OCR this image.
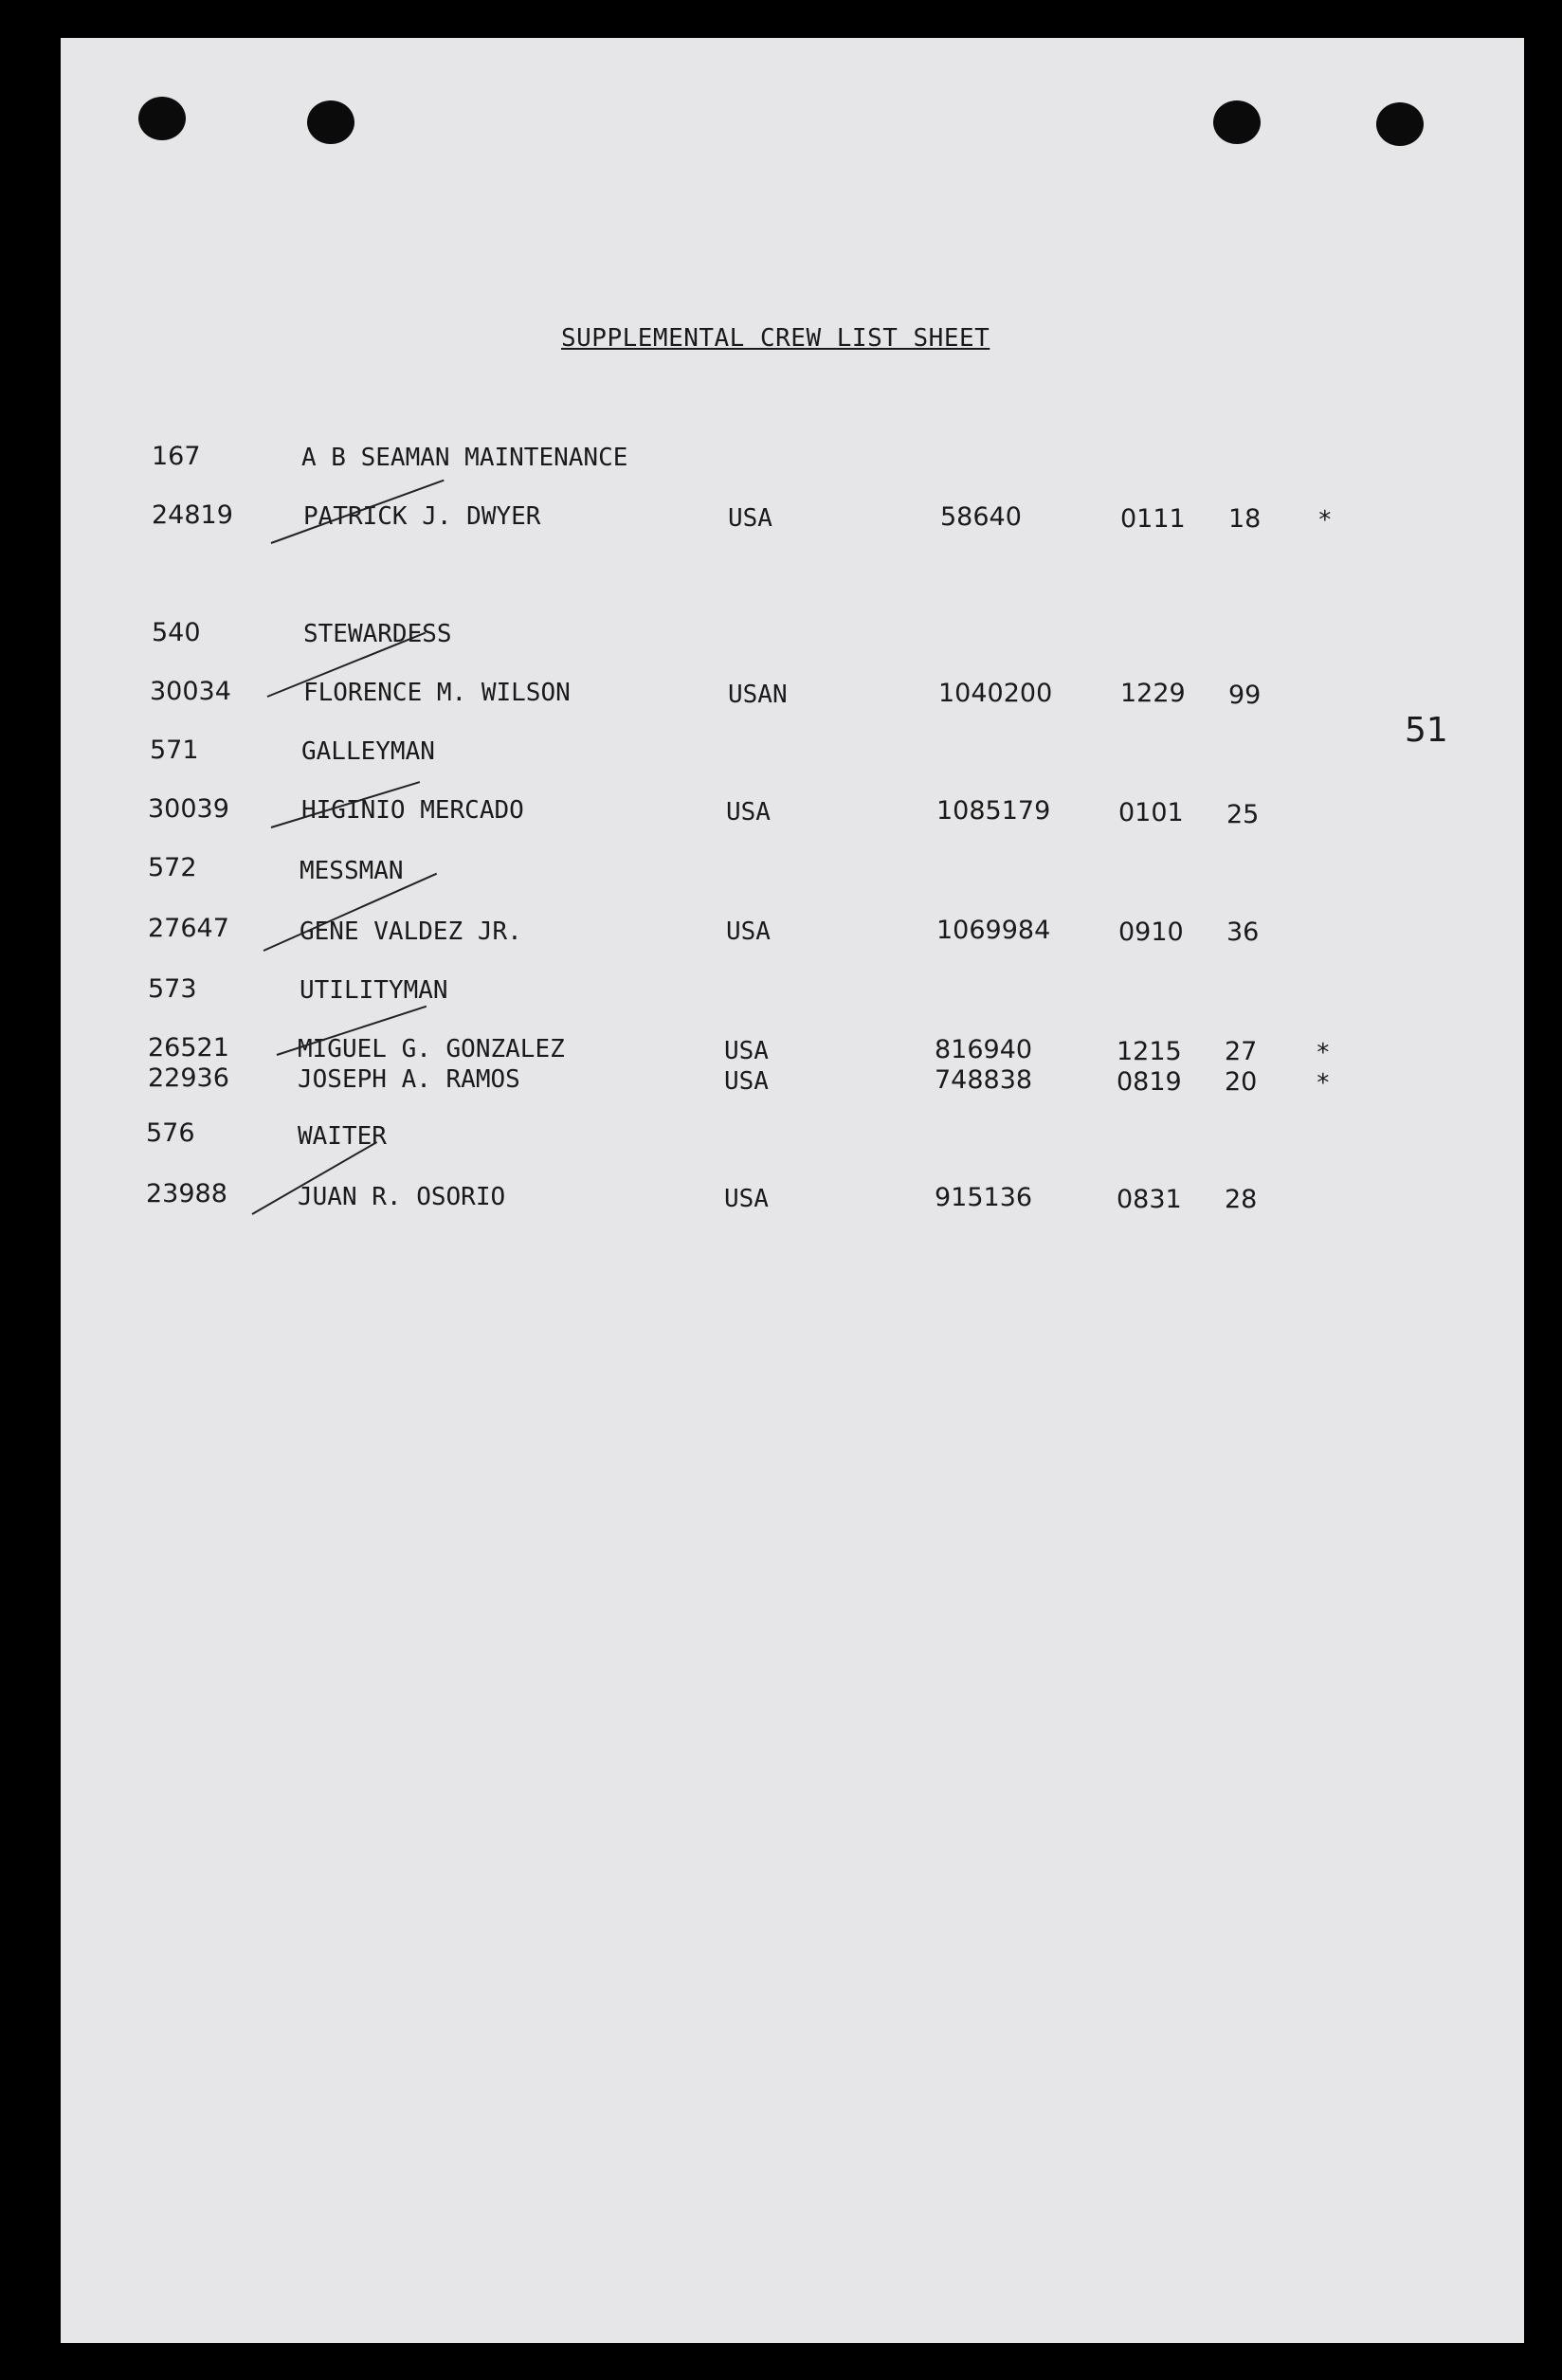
SUPPLEMENTAL CREW LIST SHEET
51
167	A B SEAMAN MAINTENANCE
24819	PATRICK J. DWYER	USA	58640	0111 18 *
540	STEWARDESS
30034	FLORENCE M. WILSON	USAN	1040200	1229 99
571	GALLEYMAN
30039	HIGINIO MERCADO	USA	1085179	0101 25
572	MESSMAN
27647	GENE VALDEZ JR.	USA	1069984	0910 36
573	UTILITYMAN
26521	MIGUEL G. GONZALEZ	USA	816940	1215 27 *
22936	JOSEPH A. RAMOS	USA	748838	0819 20 *
576	WAITER
23988	JUAN R. OSORIO	USA	915136	0831 28
